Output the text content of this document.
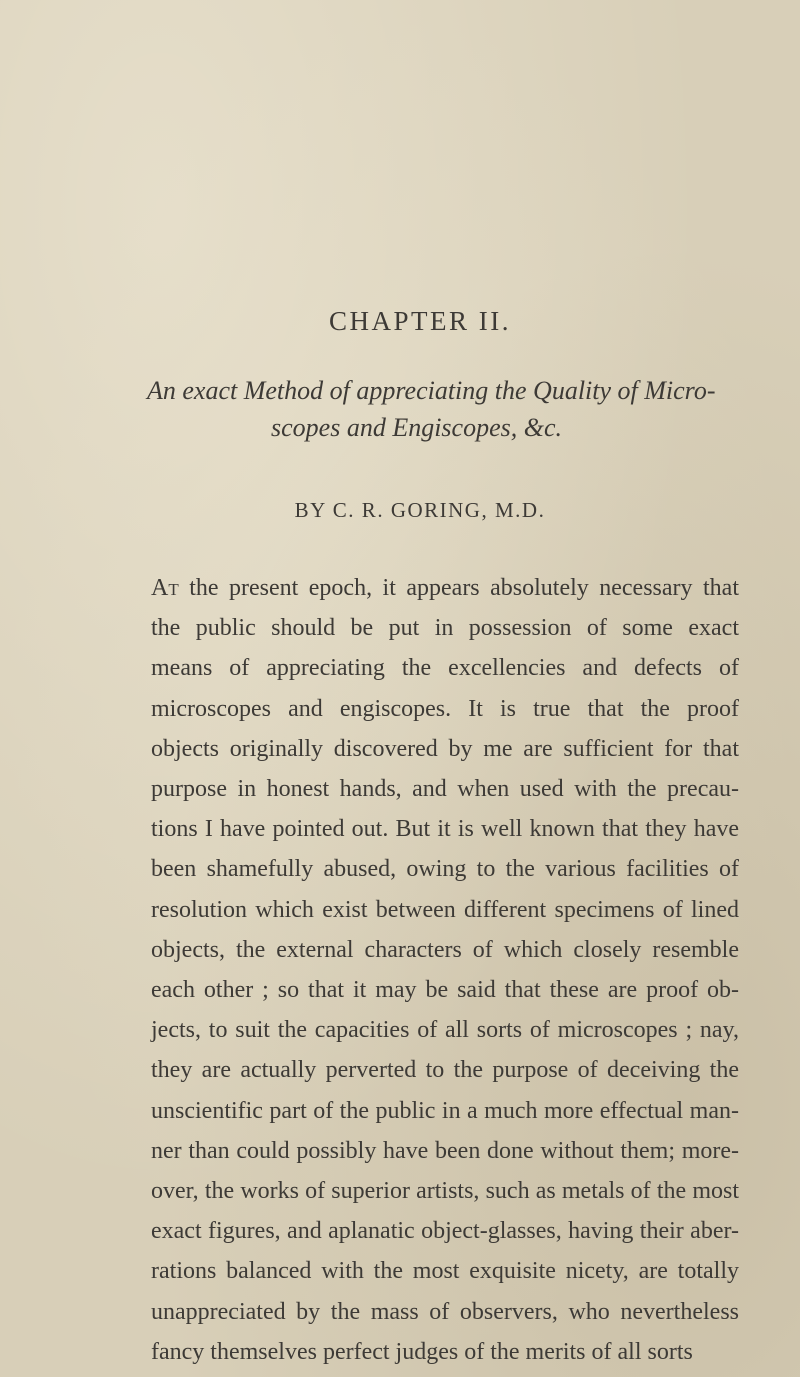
CHAPTER II.
An exact Method of appreciating the Quality of Micro-
scopes and Engiscopes, &c.
BY C. R. GORING, M.D.
At the present epoch, it appears absolutely necessary that
the public should be put in possession of some exact
means of appreciating the excellencies and defects of
microscopes and engiscopes. It is true that the proof
objects originally discovered by me are sufficient for that
purpose in honest hands, and when used with the precau-
tions I have pointed out. But it is well known that they have
been shamefully abused, owing to the various facilities of
resolution which exist between different specimens of lined
objects, the external characters of which closely resemble
each other ; so that it may be said that these are proof ob-
jects, to suit the capacities of all sorts of microscopes ; nay,
they are actually perverted to the purpose of deceiving the
unscientific part of the public in a much more effectual man-
ner than could possibly have been done without them; more-
over, the works of superior artists, such as metals of the most
exact figures, and aplanatic object-glasses, having their aber-
rations balanced with the most exquisite nicety, are totally
unappreciated by the mass of observers, who nevertheless
fancy themselves perfect judges of the merits of all sorts
